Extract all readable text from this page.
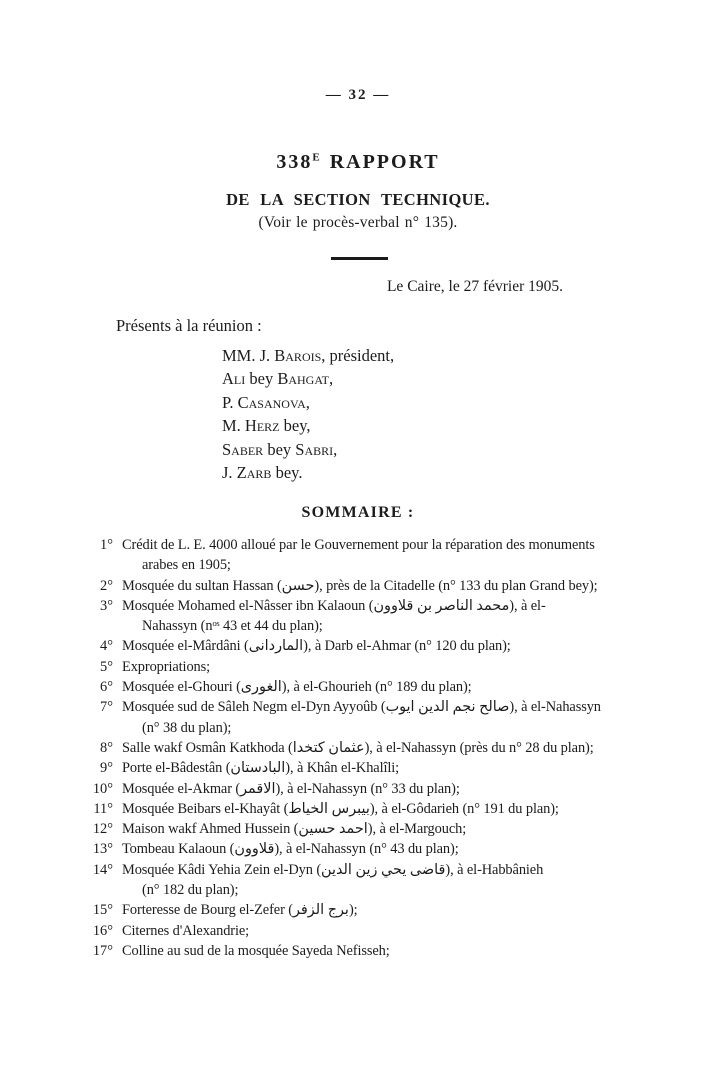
— 32 —
$338^E$ RAPPORT
DE LA SECTION TECHNIQUE.
(Voir le procès-verbal n° 135).
Le Caire, le 27 février 1905.
Présents à la réunion :
MM. J. Barois, président,
Ali bey Bahgat,
P. Casanova,
M. Herz bey,
Saber bey Sabri,
J. Zarb bey.
SOMMAIRE :
1° Crédit de L. E. 4000 alloué par le Gouvernement pour la réparation des monuments
arabes en 1905;
2° Mosquée du sultan Hassan (حسن), près de la Citadelle (n° 133 du plan Grand bey);
3° Mosquée Mohamed el-Nâsser ibn Kalaoun (محمد الناصر بن قلاوون), à el-
Nahassyn (nᵒˢ 43 et 44 du plan);
4° Mosquée el-Mârdâni (الماردانى), à Darb el-Ahmar (n° 120 du plan);
5° Expropriations;
6° Mosquée el-Ghouri (الغورى), à el-Ghourieh (n° 189 du plan);
7° Mosquée sud de Sâleh Negm el-Dyn Ayyoûb (صالح نجم الدين ايوب), à el-Nahassyn
(n° 38 du plan);
8° Salle wakf Osmân Katkhoda (عثمان كتخدا), à el-Nahassyn (près du n° 28 du plan);
9° Porte el-Bâdestân (البادستان), à Khân el-Khalîli;
10° Mosquée el-Akmar (الاقمر), à el-Nahassyn (n° 33 du plan);
11° Mosquée Beibars el-Khayât (بيبرس الخياط), à el-Gôdarieh (n° 191 du plan);
12° Maison wakf Ahmed Hussein (احمد حسين), à el-Margouch;
13° Tombeau Kalaoun (قلاوون), à el-Nahassyn (n° 43 du plan);
14° Mosquée Kâdi Yehia Zein el-Dyn (قاضى يحي زين الدين), à el-Habbânieh
(n° 182 du plan);
15° Forteresse de Bourg el-Zefer (برج الزفر);
16° Citernes d'Alexandrie;
17° Colline au sud de la mosquée Sayeda Nefisseh;
